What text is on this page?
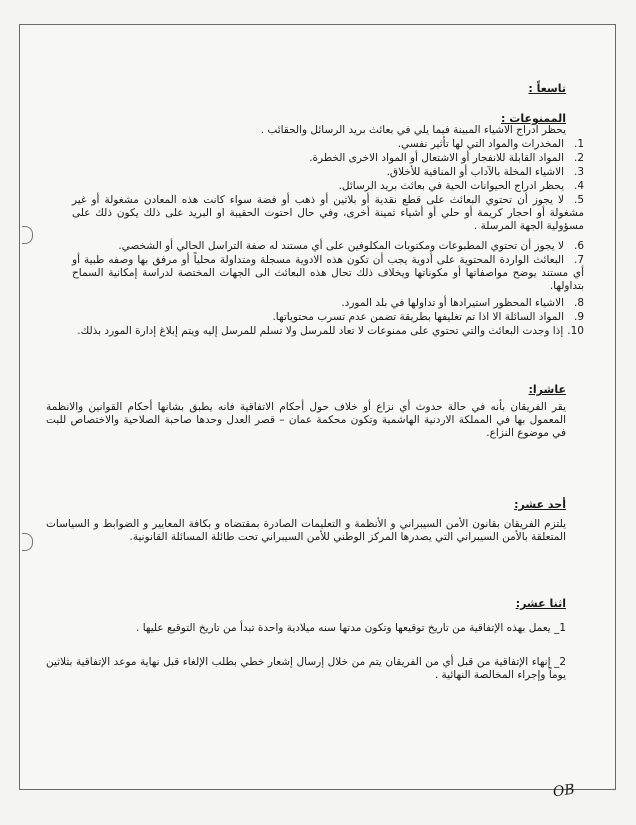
تاسعاً :
الممنوعات :
يحظر ادراج الاشياء المبينة فيما يلي في بعائث بريد الرسائل والحقائب .
1.المخدرات والمواد التي لها تأثير نفسي.
2.المواد القابلة للانفجار أو الاشتعال أو المواد الاخرى الخطرة.
3.الاشياء المخلة بالآداب أو المنافية للأخلاق.
4.يحظر ادراج الحيوانات الحية في بعائث بريد الرسائل.
5.لا يجوز أن تحتوي البعائث على قطع نقدية أو بلاتين أو ذهب أو فضة سواء كانت هذه المعادن مشغولة أو غير مشغولة أو احجار كريمة أو حلي أو أشياء ثمينة أخرى، وفي حال احتوت الحقيبة او البريد على ذلك يكون ذلك على مسؤولية الجهة المرسلة .
6.لا يجوز أن تحتوي المطبوعات ومكتوبات المكلوفين على أي مستند له صفة التراسل الحالي أو الشخصي.
7.البعائث الواردة المحتوية على أدوية يجب أن تكون هذه الادوية مسجلة ومتداولة محلياً أو مرفق بها وصفه طبية أو أي مستند يوضح مواصفاتها أو مكوناتها ويخلاف ذلك تحال هذه البعائث الى الجهات المختصة لدراسة إمكانية السماح بتداولها.
8.الاشياء المحظور استيرادها أو تداولها في بلد المورد.
9.المواد السائلة الا اذا تم تغليفها بطريقة تضمن عدم تسرب محتوياتها.
10.إذا وجدت البعائث والتي تحتوي على ممنوعات لا تعاد للمرسل ولا تسلم للمرسل إليه ويتم إبلاغ إدارة المورد بذلك.
عاشرا:
يقر الفريقان بأنه في حالة حدوث أي نزاع أو خلاف حول أحكام الاتفاقية فانه يطبق بشانها أحكام القوانين والانظمة المعمول بها في المملكة الاردنية الهاشمية وتكون محكمة عمان – قصر العدل وحدها صاحبة الصلاحية والاختصاص للبت في موضوع النزاع.
أحد عشر:
يلتزم الفريقان بقانون الأمن السيبراني و الأنظمة و التعليمات الصادرة بمقتضاه و بكافة المعايير و الضوابط و السياسات المتعلقة بالأمن السيبراني التي يصدرها المركز الوطني للأمن السيبراني تحت طائلة المسائلة القانونية.
اثنا عشر:
1_ يعمل بهذه الإتفاقية من تاريخ توقيعها وتكون مدتها سنه ميلادية واحدة تبدأ من تاريخ التوقيع عليها .
2_ إنهاء الإتفاقية من قبل أي من الفريقان يتم من خلال إرسال إشعار خطي بطلب الإلغاء قبل نهاية موعد الإتفاقية بثلاثين يوماً وإجراء المخالصة النهائية .
OB
